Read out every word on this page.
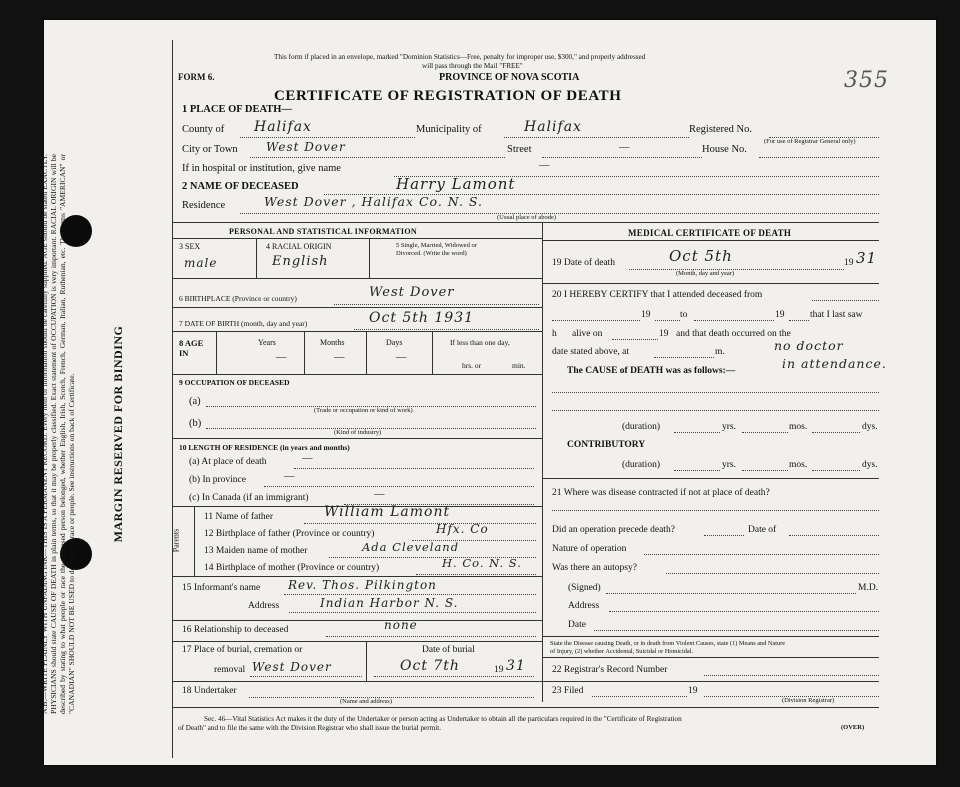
N.B.—WRITE PLAINLY WITH UNFADING INK—THIS IS A PERMANENT RECORD. Every item of information should be carefully supplied. AGE should be stated EXACTLY. PHYSICIANS should state CAUSE OF DEATH in plain terms, so that it may be properly classified. Exact statement of OCCUPATION is very important. RACIAL ORIGIN will be described by stating to what people or race the deceased person belonged, whether English, Irish, Scotch, French, German, Italian, Ruthenian, etc. The terms "AMERICAN" or "CANADIAN" SHOULD NOT BE USED to designate a race or people. See instructions on back of Certificate.	MARGIN RESERVED FOR BINDING
This form if placed in an envelope, marked "Dominion Statistics—Free, penalty for improper use, $300," and properly addressed
will pass through the Mail "FREE"
FORM 6.	PROVINCE OF NOVA SCOTIA
CERTIFICATE OF REGISTRATION OF DEATH
355
1 PLACE OF DEATH—
County of Halifax	Municipality of	Halifax	Registered No.
(For use of Registrar General only)
City or Town West Dover	Street	—	House No.
If in hospital or institution, give name	—
2 NAME OF DECEASED	Harry Lamont
Residence	West Dover , Halifax Co. N. S.
(Usual place of abode)
PERSONAL AND STATISTICAL INFORMATION
3 SEX
male
4 RACIAL ORIGIN
English
5 Single, Married, Widowed or
Divorced. (Write the word)
6 BIRTHPLACE (Province or country)	West Dover
7 DATE OF BIRTH (month, day and year)	Oct 5th 1931
8 AGE IN
Years	Months	Days
—	—	—
If less than one day,
hrs. or	min.
9 OCCUPATION OF DECEASED
(a)
(Trade or occupation or kind of work)
(b)
(Kind of industry)
10 LENGTH OF RESIDENCE (in years and months)
(a) At place of death	—
(b) In province	—
(c) In Canada (if an immigrant)	—
Parents
11 Name of father	William Lamont
12 Birthplace of father (Province or country)	Hfx. Co
13 Maiden name of mother	Ada Cleveland
14 Birthplace of mother (Province or country)	H. Co. N. S.
15 Informant's name Rev. Thos. Pilkington
Address	Indian Harbor N. S.
16 Relationship to deceased	none
17 Place of burial, cremation or
removal West Dover
Date of burial
Oct 7th	19 31
18 Undertaker
(Name and address)
MEDICAL CERTIFICATE OF DEATH
19 Date of death	Oct 5th
(Month, day and year)
19 31
20 I HEREBY CERTIFY that I attended deceased from
19	to	19	that I last saw
h alive on	19 and that death occurred on the
date stated above, at	m.	no doctor
The CAUSE of DEATH was as follows:—	in attendance.
(duration)	yrs.	mos.	dys.
CONTRIBUTORY
(duration)	yrs.	mos.	dys.
21 Where was disease contracted if not at place of death?
Did an operation precede death?	Date of
Nature of operation
Was there an autopsy?
(Signed)	M.D.
Address
Date
State the Disease causing Death, or in death from Violent Causes, state (1) Means and Nature
of Injury, (2) whether Accidental, Suicidal or Homicidal.
22 Registrar's Record Number
23 Filed	19
(Division Registrar)
Sec. 46—Vital Statistics Act makes it the duty of the Undertaker or person acting as Undertaker to obtain all the particulars required in the "Certificate of Registration
of Death" and to file the same with the Division Registrar who shall issue the burial permit.	(OVER)
